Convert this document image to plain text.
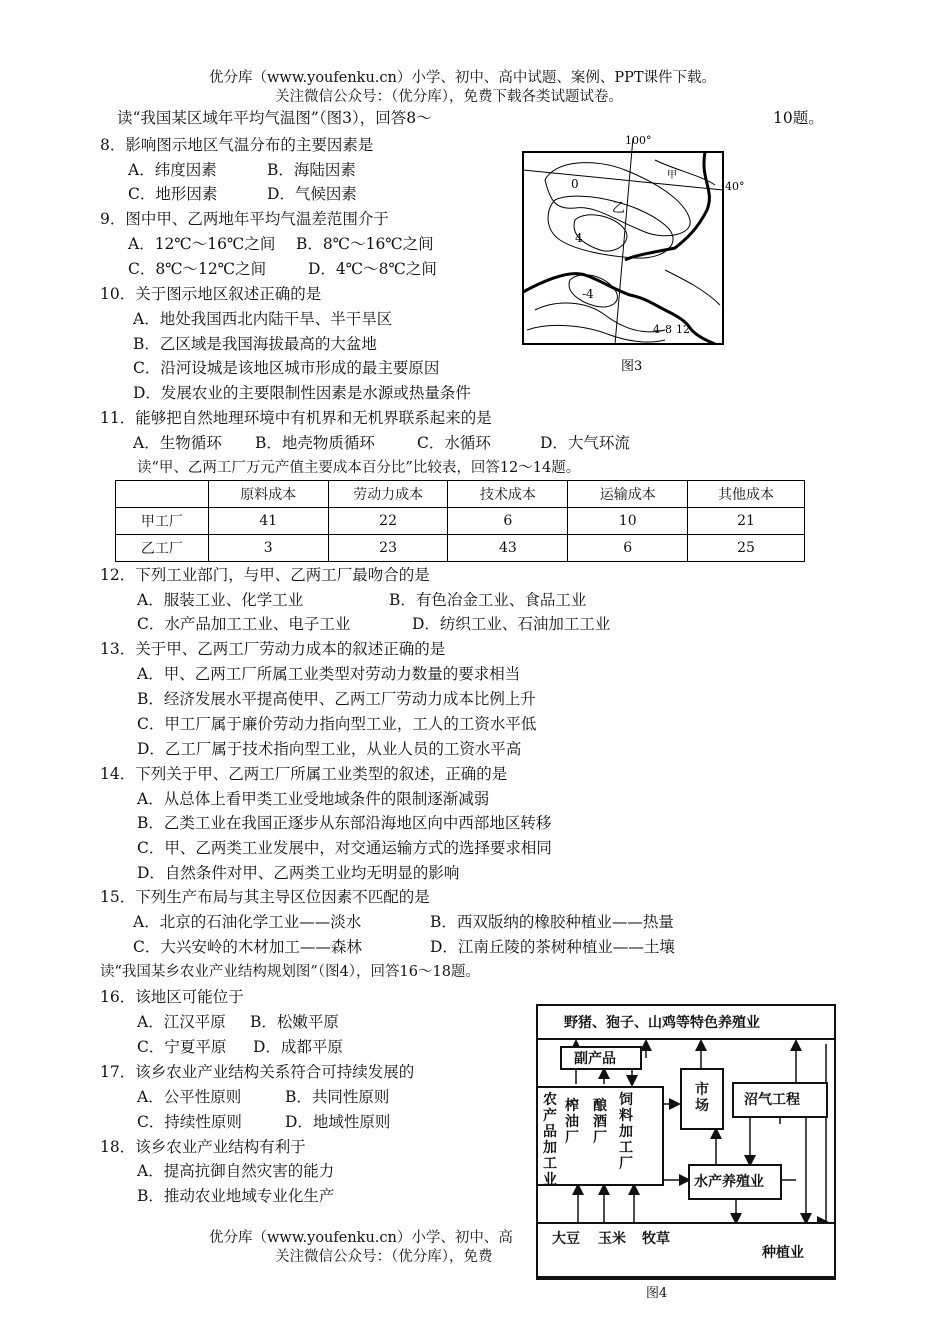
优分库（www.youfenku.cn）小学、初中、高中试题、案例、PPT课件下载。
关注微信公众号：（优分库），免费下载各类试题试卷。
读“我国某区域年平均气温图”（图3），回答8～	10题。
8．影响图示地区气温分布的主要因素是
A．纬度因素	B．海陆因素
C．地形因素	D．气候因素
9．图中甲、乙两地年平均气温差范围介于
A．12℃～16℃之间 B．8℃～16℃之间
C．8℃～12℃之间	D．4℃～8℃之间
10．关于图示地区叙述正确的是
A．地处我国西北内陆干旱、半干旱区
B．乙区域是我国海拔最高的大盆地
C．沿河设城是该地区城市形成的最主要原因
D．发展农业的主要限制性因素是水源或热量条件
11．能够把自然地理环境中有机界和无机界联系起来的是
A．生物循环 B．地壳物质循环	C．水循环	D．大气环流
读“甲、乙两工厂万元产值主要成本百分比”比较表，回答12～14题。
	原料成本	劳动力成本	技术成本	运输成本	其他成本
甲工厂	41	22	6	10	21
乙工厂	3	23	43	6	25
12．下列工业部门，与甲、乙两工厂最吻合的是
A．服装工业、化学工业	B．有色冶金工业、食品工业
C．水产品加工工业、电子工业	D．纺织工业、石油加工工业
13．关于甲、乙两工厂劳动力成本的叙述正确的是
A．甲、乙两工厂所属工业类型对劳动力数量的要求相当
B．经济发展水平提高使甲、乙两工厂劳动力成本比例上升
C．甲工厂属于廉价劳动力指向型工业，工人的工资水平低
D．乙工厂属于技术指向型工业，从业人员的工资水平高
14．下列关于甲、乙两工厂所属工业类型的叙述，正确的是
A．从总体上看甲类工业受地域条件的限制逐渐减弱
B．乙类工业在我国正逐步从东部沿海地区向中西部地区转移
C．甲、乙两类工业发展中，对交通运输方式的选择要求相同
D．自然条件对甲、乙两类工业均无明显的影响
15．下列生产布局与其主导区位因素不匹配的是
A．北京的石油化学工业——淡水	B．西双版纳的橡胶种植业——热量
C．大兴安岭的木材加工——森林	D．江南丘陵的茶树种植业——土壤
读“我国某乡农业产业结构规划图”（图4），回答16～18题。
16．该地区可能位于
A．江汉平原 B．松嫩平原
C．宁夏平原 D．成都平原
17．该乡农业产业结构关系符合可持续发展的
A．公平性原则	B．共同性原则
C．持续性原则	D．地域性原则
18．该乡农业产业结构有利于
A．提高抗御自然灾害的能力
B．推动农业地域专业化生产
优分库（www.youfenku.cn）小学、初中、高
关注微信公众号：（优分库），免费
100°
40°
0
乙
甲
4
-4
4 8 12
图3
野猪、狍子、山鸡等特色养殖业
副产品
农产品加工业
榨油厂
酿酒厂
饲料加工厂
市场	沼气工程
水产养殖业
大豆 玉米 牧草
种植业
图4
